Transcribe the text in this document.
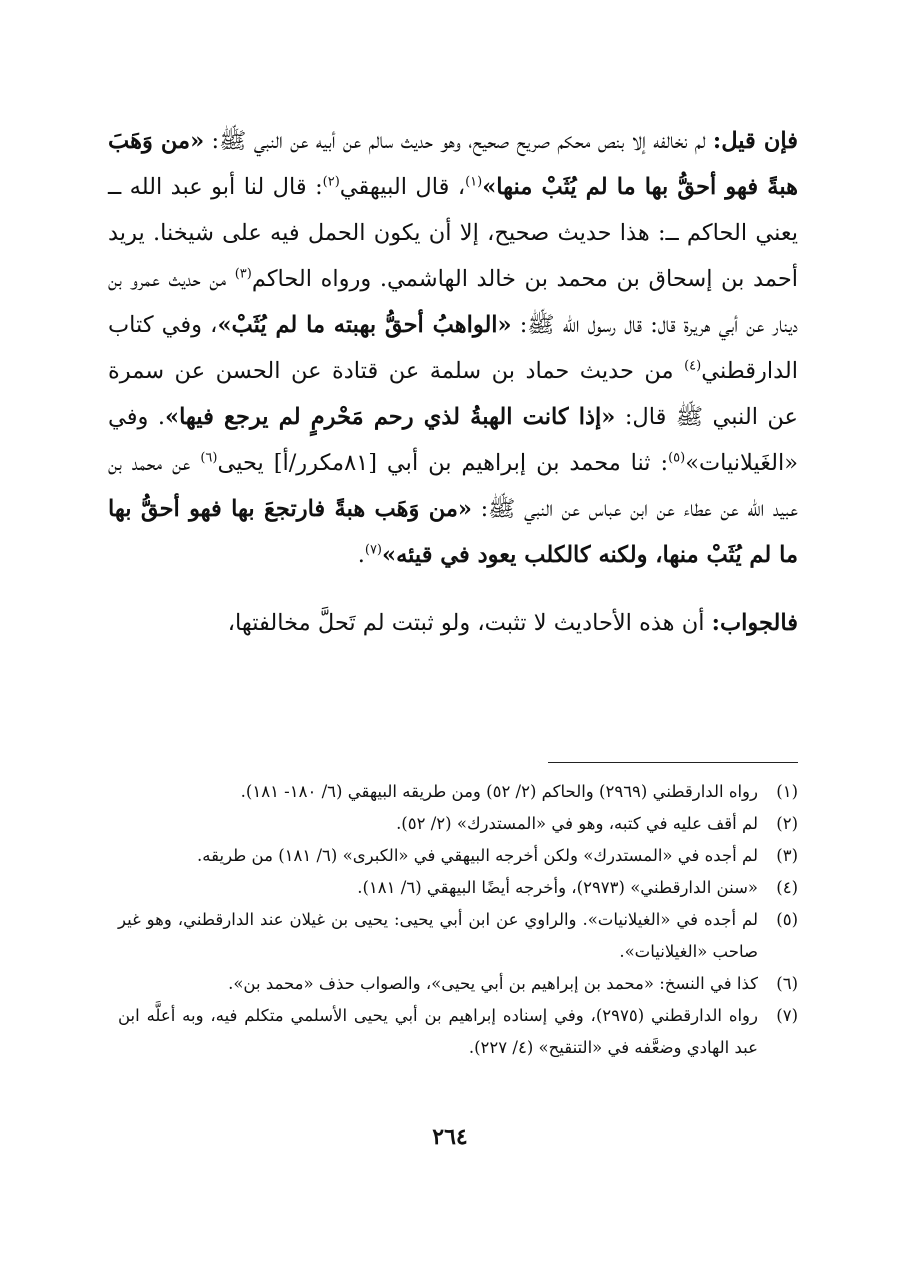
فإن قيل: لم نخالفه إلا بنص محكم صريح صحيح، وهو حديث سالم عن أبيه عن النبي ﷺ: «من وَهَبَ هبةً فهو أحقُّ بها ما لم يُثَبْ منها»$^{(١)}$، قال البيهقي$^{(٢)}$: قال لنا أبو عبد الله ــ يعني الحاكم ــ: هذا حديث صحيح، إلا أن يكون الحمل فيه على شيخنا. يريد أحمد بن إسحاق بن محمد بن خالد الهاشمي. ورواه الحاكم$^{(٣)}$ من حديث عمرو بن دينار عن أبي هريرة قال: قال رسول الله ﷺ: «الواهبُ أحقُّ بهبته ما لم يُثَبْ»، وفي كتاب الدارقطني$^{(٤)}$ من حديث حماد بن سلمة عن قتادة عن الحسن عن سمرة عن النبي ﷺ قال: «إذا كانت الهبةُ لذي رحم مَحْرمٍ لم يرجع فيها». وفي «الغَيلانيات»$^{(٥)}$: ثنا محمد بن إبراهيم بن أبي [٨١مكرر/أ] يحيى$^{(٦)}$ عن محمد بن عبيد الله عن عطاء عن ابن عباس عن النبي ﷺ: «من وَهَب هبةً فارتجعَ بها فهو أحقُّ بها ما لم يُثَبْ منها، ولكنه كالكلب يعود في قيئه»$^{(٧)}$.

فالجواب: أن هذه الأحاديث لا تثبت، ولو ثبتت لم تَحلَّ مخالفتها،

(١)
رواه الدارقطني (٢٩٦٩) والحاكم (٢/ ٥٢) ومن طريقه البيهقي (٦/ ١٨٠- ١٨١).
(٢)
لم أقف عليه في كتبه، وهو في «المستدرك» (٢/ ٥٢).
(٣)
لم أجده في «المستدرك» ولكن أخرجه البيهقي في «الكبرى» (٦/ ١٨١) من طريقه.
(٤)
«سنن الدارقطني» (٢٩٧٣)، وأخرجه أيضًا البيهقي (٦/ ١٨١).
(٥)
لم أجده في «الغيلانيات». والراوي عن ابن أبي يحيى: يحيى بن غيلان عند الدارقطني، وهو غير صاحب «الغيلانيات».
(٦)
كذا في النسخ: «محمد بن إبراهيم بن أبي يحيى»، والصواب حذف «محمد بن».
(٧)
رواه الدارقطني (٢٩٧٥)، وفي إسناده إبراهيم بن أبي يحيى الأسلمي متكلم فيه، وبه أعلَّه ابن عبد الهادي وضعَّفه في «التنقيح» (٤/ ٢٢٧).
٢٦٤
